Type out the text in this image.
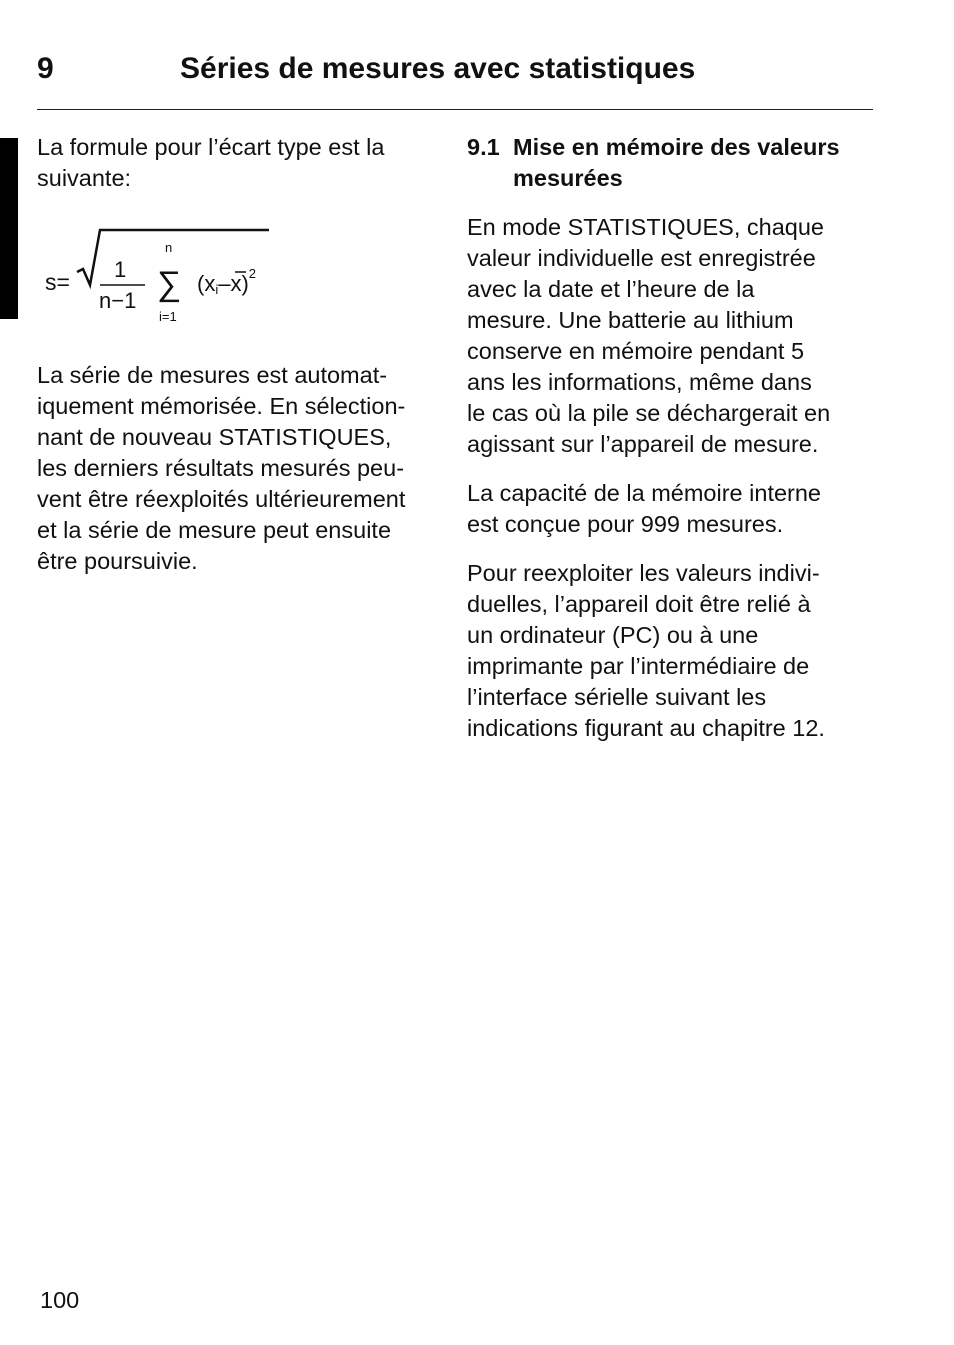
9	Séries de mesures avec statistiques

La formule pour l’écart type est la
suivante:

s= 1
n−1
n
∑
i=1
$(xi-x)^2$

La série de mesures est automat-
iquement mémorisée. En sélection-
nant de nouveau STATISTIQUES,
les derniers résultats mesurés peu-
vent être réexploités ultérieurement
et la série de mesure peut ensuite
être poursuivie.

9.1 Mise en mémoire des valeurs
mesurées

En mode STATISTIQUES, chaque
valeur individuelle est enregistrée
avec la date et l’heure de la
mesure. Une batterie au lithium
conserve en mémoire pendant 5
ans les informations, même dans
le cas où la pile se déchargerait en
agissant sur l’appareil de mesure.

La capacité de la mémoire interne
est conçue pour 999 mesures.

Pour reexploiter les valeurs indivi-
duelles, l’appareil doit être relié à
un ordinateur (PC) ou à une
imprimante par l’intermédiaire de
l’interface sérielle suivant les
indications figurant au chapitre 12.

100
